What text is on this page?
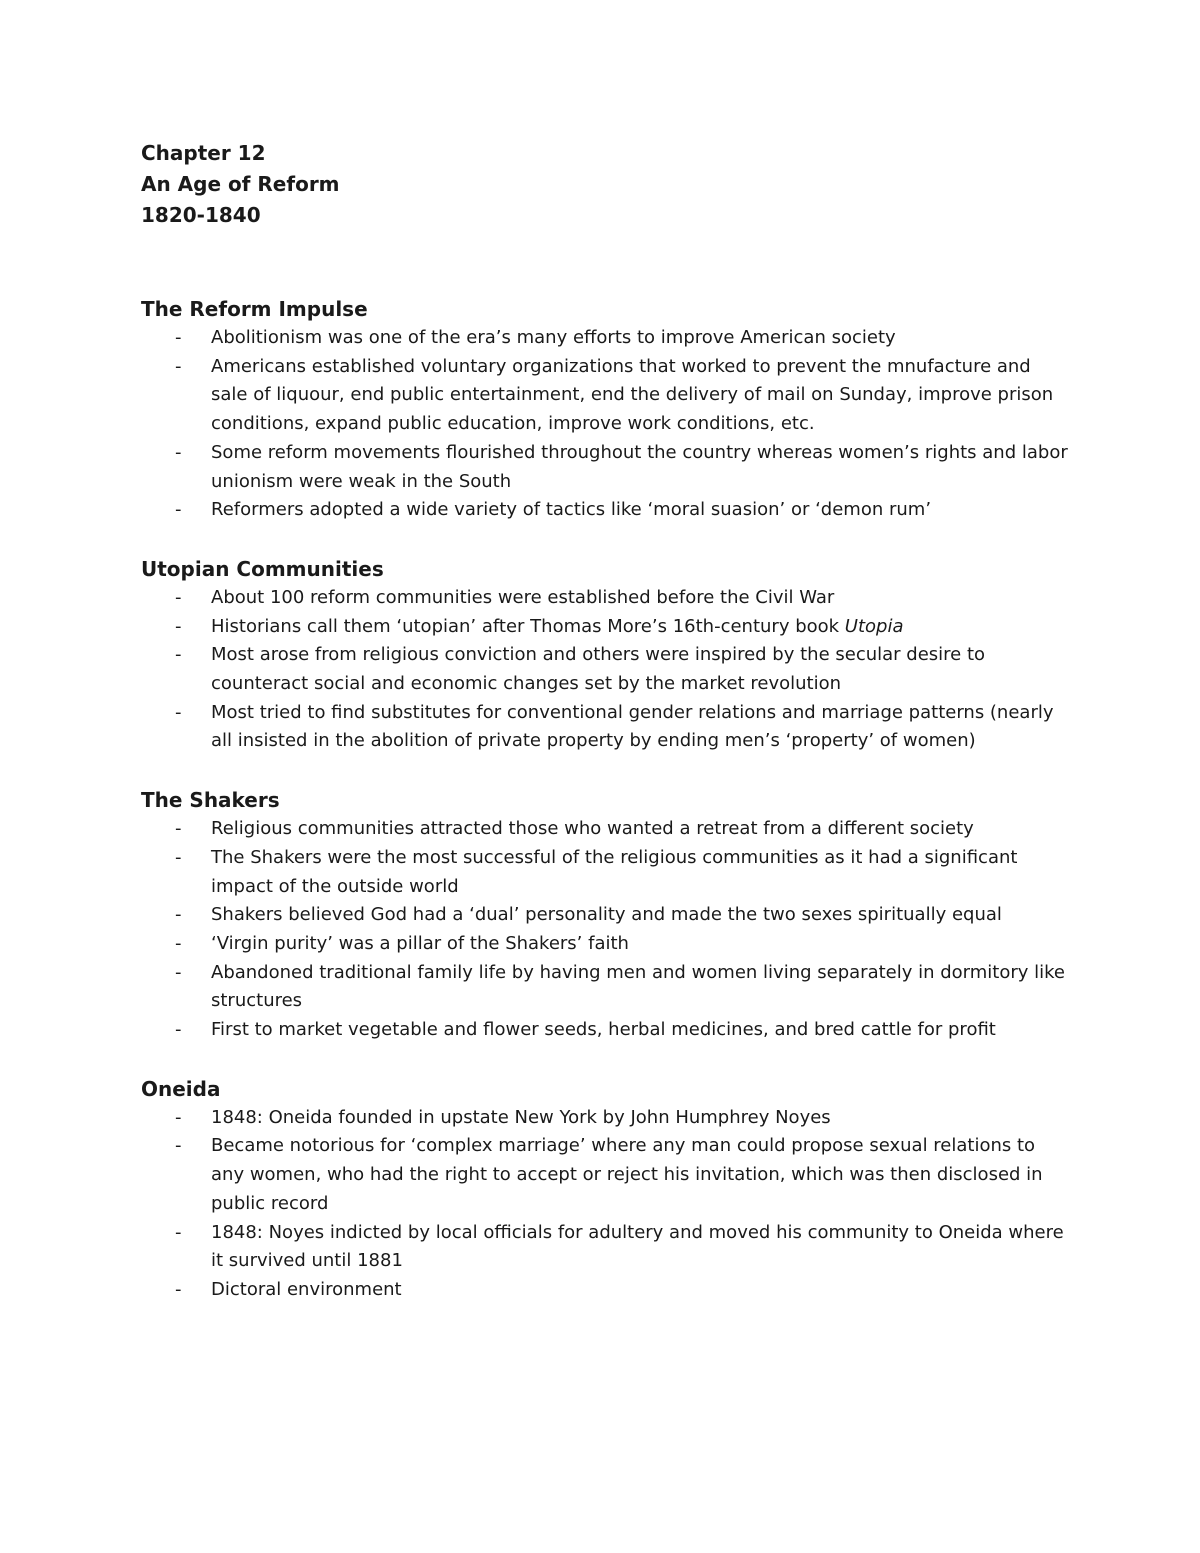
Chapter 12
An Age of Reform
1820-1840
The Reform Impulse
- Abolitionism was one of the era’s many efforts to improve American society
- Americans established voluntary organizations that worked to prevent the mnufacture and sale of liquour, end public entertainment, end the delivery of mail on Sunday, improve prison conditions, expand public education, improve work conditions, etc.
- Some reform movements flourished throughout the country whereas women’s rights and labor unionism were weak in the South
- Reformers adopted a wide variety of tactics like ‘moral suasion’ or ‘demon rum’
Utopian Communities
- About 100 reform communities were established before the Civil War
- Historians call them ‘utopian’ after Thomas More’s 16th-century book Utopia
- Most arose from religious conviction and others were inspired by the secular desire to counteract social and economic changes set by the market revolution
- Most tried to find substitutes for conventional gender relations and marriage patterns (nearly all insisted in the abolition of private property by ending men’s ‘property’ of women)
The Shakers
- Religious communities attracted those who wanted a retreat from a different society
- The Shakers were the most successful of the religious communities as it had a significant impact of the outside world
- Shakers believed God had a ‘dual’ personality and made the two sexes spiritually equal
- ‘Virgin purity’ was a pillar of the Shakers’ faith
- Abandoned traditional family life by having men and women living separately in dormitory like structures
- First to market vegetable and flower seeds, herbal medicines, and bred cattle for profit
Oneida
- 1848: Oneida founded in upstate New York by John Humphrey Noyes
- Became notorious for ‘complex marriage’ where any man could propose sexual relations to any women, who had the right to accept or reject his invitation, which was then disclosed in public record
- 1848: Noyes indicted by local officials for adultery and moved his community to Oneida where it survived until 1881
- Dictoral environment
